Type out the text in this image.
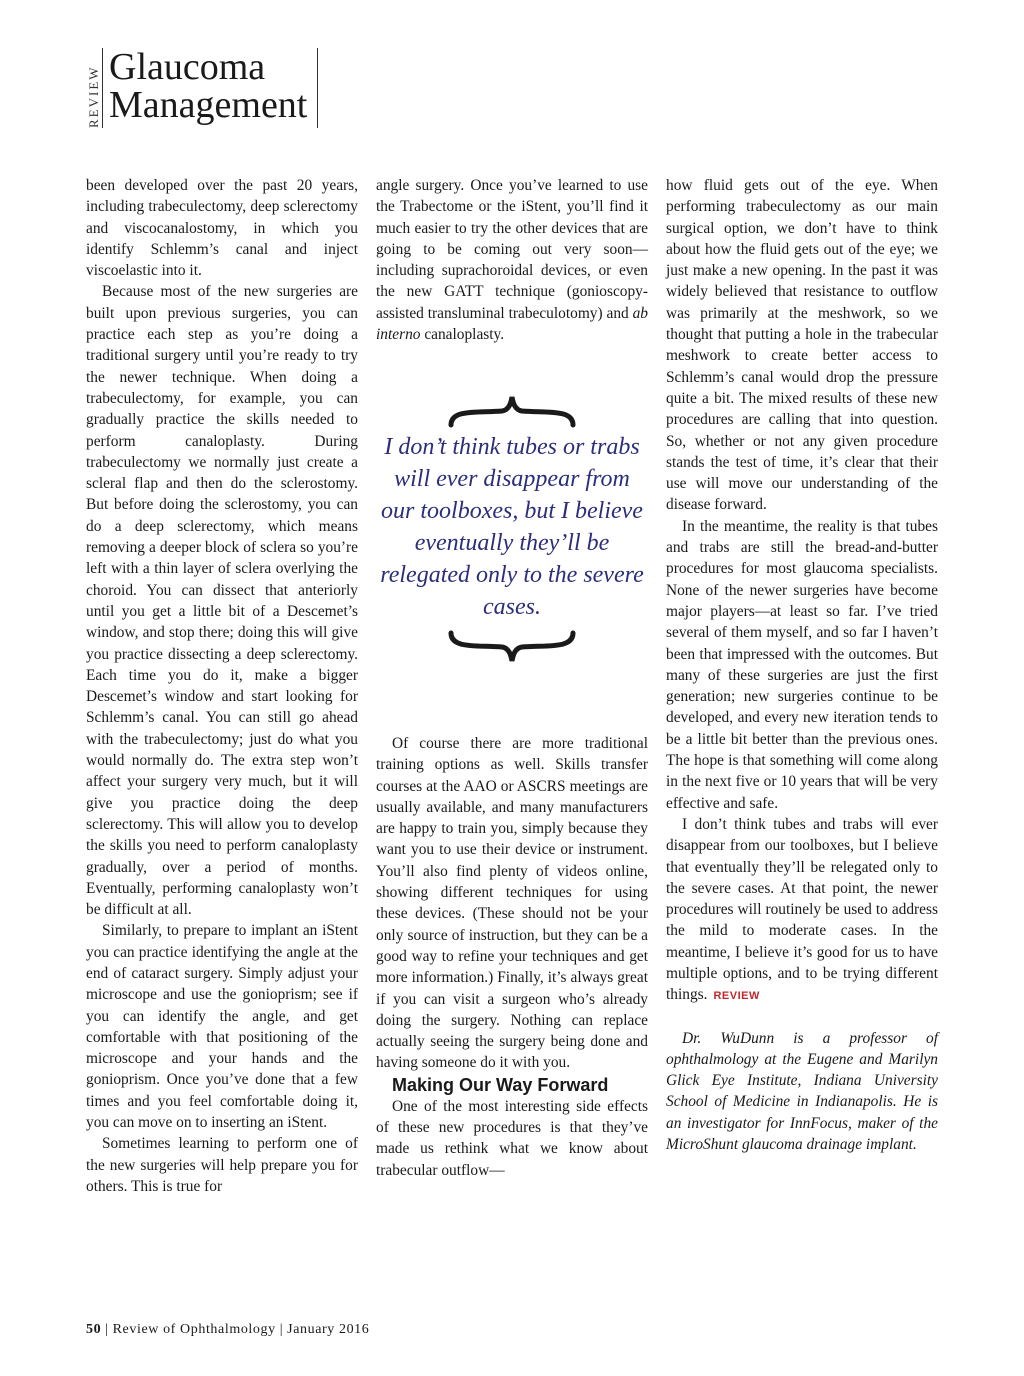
REVIEW Glaucoma
Management

been developed over the past 20 years, including trabeculectomy, deep sclerectomy and viscocanalostomy, in which you identify Schlemm’s canal and inject viscoelastic into it.

Because most of the new surgeries are built upon previous surgeries, you can practice each step as you’re doing a traditional surgery until you’re ready to try the newer technique. When doing a trabeculectomy, for example, you can gradually practice the skills needed to perform canaloplasty. During trabeculectomy we normally just create a scleral flap and then do the sclerostomy. But before doing the sclerostomy, you can do a deep sclerectomy, which means removing a deeper block of sclera so you’re left with a thin layer of sclera overlying the choroid. You can dissect that anteriorly until you get a little bit of a Descemet’s window, and stop there; doing this will give you practice dissecting a deep sclerectomy. Each time you do it, make a bigger Descemet’s window and start looking for Schlemm’s canal. You can still go ahead with the trabeculectomy; just do what you would normally do. The extra step won’t affect your surgery very much, but it will give you practice doing the deep sclerectomy. This will allow you to develop the skills you need to perform canaloplasty gradually, over a period of months. Eventually, performing canaloplasty won’t be difficult at all.

Similarly, to prepare to implant an iStent you can practice identifying the angle at the end of cataract surgery. Simply adjust your microscope and use the gonioprism; see if you can identify the angle, and get comfortable with that positioning of the microscope and your hands and the gonioprism. Once you’ve done that a few times and you feel comfortable doing it, you can move on to inserting an iStent.

Sometimes learning to perform one of the new surgeries will help prepare you for others. This is true for

angle surgery. Once you’ve learned to use the Trabectome or the iStent, you’ll find it much easier to try the other devices that are going to be coming out very soon—including suprachoroidal devices, or even the new GATT technique (gonioscopy-assisted transluminal trabeculotomy) and ab interno canaloplasty.

I don’t think tubes or trabs will ever disappear from our toolboxes, but I believe eventually they’ll be relegated only to the severe cases.

Of course there are more traditional training options as well. Skills transfer courses at the AAO or ASCRS meetings are usually available, and many manufacturers are happy to train you, simply because they want you to use their device or instrument. You’ll also find plenty of videos online, showing different techniques for using these devices. (These should not be your only source of instruction, but they can be a good way to refine your techniques and get more information.) Finally, it’s always great if you can visit a surgeon who’s already doing the surgery. Nothing can replace actually seeing the surgery being done and having someone do it with you.

Making Our Way Forward

One of the most interesting side effects of these new procedures is that they’ve made us rethink what we know about trabecular outflow—

how fluid gets out of the eye. When performing trabeculectomy as our main surgical option, we don’t have to think about how the fluid gets out of the eye; we just make a new opening. In the past it was widely believed that resistance to outflow was primarily at the meshwork, so we thought that putting a hole in the trabecular meshwork to create better access to Schlemm’s canal would drop the pressure quite a bit. The mixed results of these new procedures are calling that into question. So, whether or not any given procedure stands the test of time, it’s clear that their use will move our understanding of the disease forward.

In the meantime, the reality is that tubes and trabs are still the bread-and-butter procedures for most glaucoma specialists. None of the newer surgeries have become major players—at least so far. I’ve tried several of them myself, and so far I haven’t been that impressed with the outcomes. But many of these surgeries are just the first generation; new surgeries continue to be developed, and every new iteration tends to be a little bit better than the previous ones. The hope is that something will come along in the next five or 10 years that will be very effective and safe.

I don’t think tubes and trabs will ever disappear from our toolboxes, but I believe that eventually they’ll be relegated only to the severe cases. At that point, the newer procedures will routinely be used to address the mild to moderate cases. In the meantime, I believe it’s good for us to have multiple options, and to be trying different things. REVIEW

Dr. WuDunn is a professor of ophthalmology at the Eugene and Marilyn Glick Eye Institute, Indiana University School of Medicine in Indianapolis. He is an investigator for InnFocus, maker of the MicroShunt glaucoma drainage implant.

50 | Review of Ophthalmology | January 2016
